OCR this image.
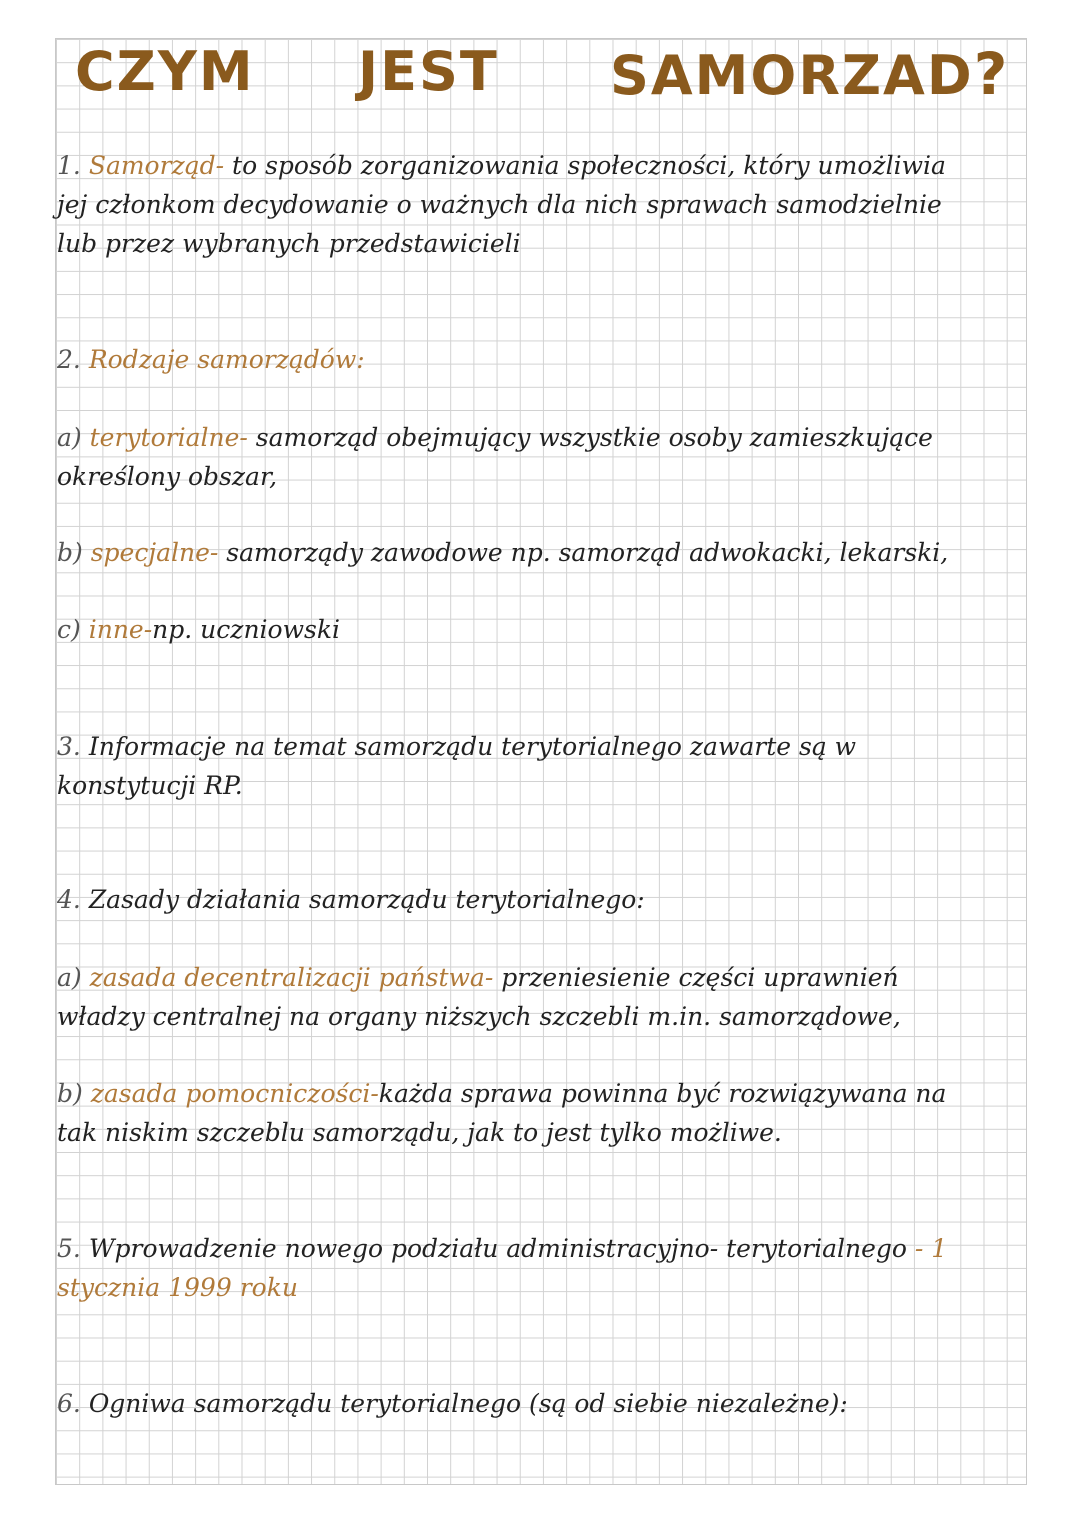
CZYM JEST SAMORZAD?
1. Samorząd- to sposób zorganizowania społeczności, który umożliwia
jej członkom decydowanie o ważnych dla nich sprawach samodzielnie
lub przez wybranych przedstawicieli
2. Rodzaje samorządów:
a) terytorialne- samorząd obejmujący wszystkie osoby zamieszkujące
określony obszar,
b) specjalne- samorządy zawodowe np. samorząd adwokacki, lekarski,
c) inne-np. uczniowski
3. Informacje na temat samorządu terytorialnego zawarte są w
konstytucji RP.
4. Zasady działania samorządu terytorialnego:
a) zasada decentralizacji państwa- przeniesienie części uprawnień
władzy centralnej na organy niższych szczebli m.in. samorządowe,
b) zasada pomocniczości-każda sprawa powinna być rozwiązywana na
tak niskim szczeblu samorządu, jak to jest tylko możliwe.
5. Wprowadzenie nowego podziału administracyjno- terytorialnego - 1
stycznia 1999 roku
6. Ogniwa samorządu terytorialnego (są od siebie niezależne):
